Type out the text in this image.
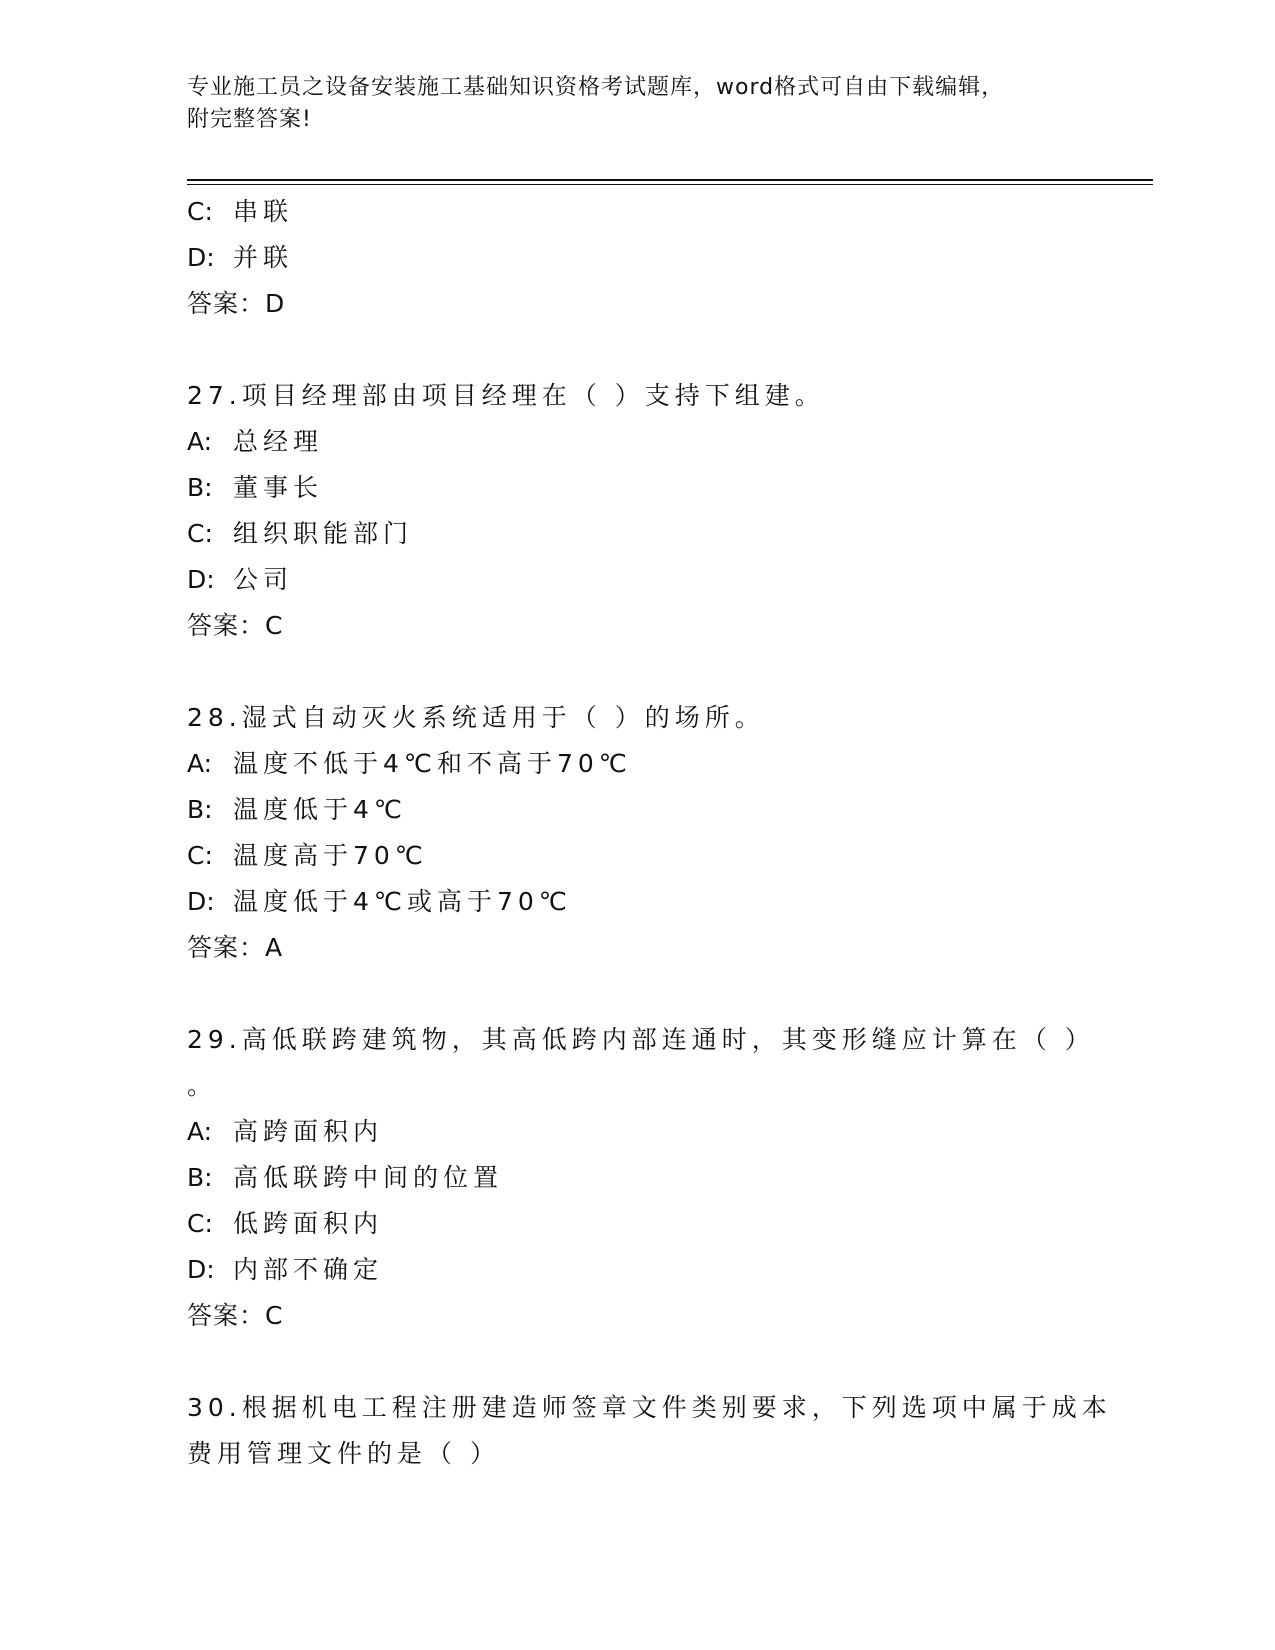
专业施工员之设备安装施工基础知识资格考试题库，word格式可自由下载编辑，
附完整答案!
C: 串联
D: 并联
答案：D
27.项目经理部由项目经理在（ ）支持下组建。
A: 总经理
B: 董事长
C: 组织职能部门
D: 公司
答案：C
28.湿式自动灭火系统适用于（ ）的场所。
A: 温度不低于4℃和不高于70℃
B: 温度低于4℃
C: 温度高于70℃
D: 温度低于4℃或高于70℃
答案：A
29.高低联跨建筑物，其高低跨内部连通时，其变形缝应计算在（ ）
。
A: 高跨面积内
B: 高低联跨中间的位置
C: 低跨面积内
D: 内部不确定
答案：C
30.根据机电工程注册建造师签章文件类别要求，下列选项中属于成本
费用管理文件的是（ ）
